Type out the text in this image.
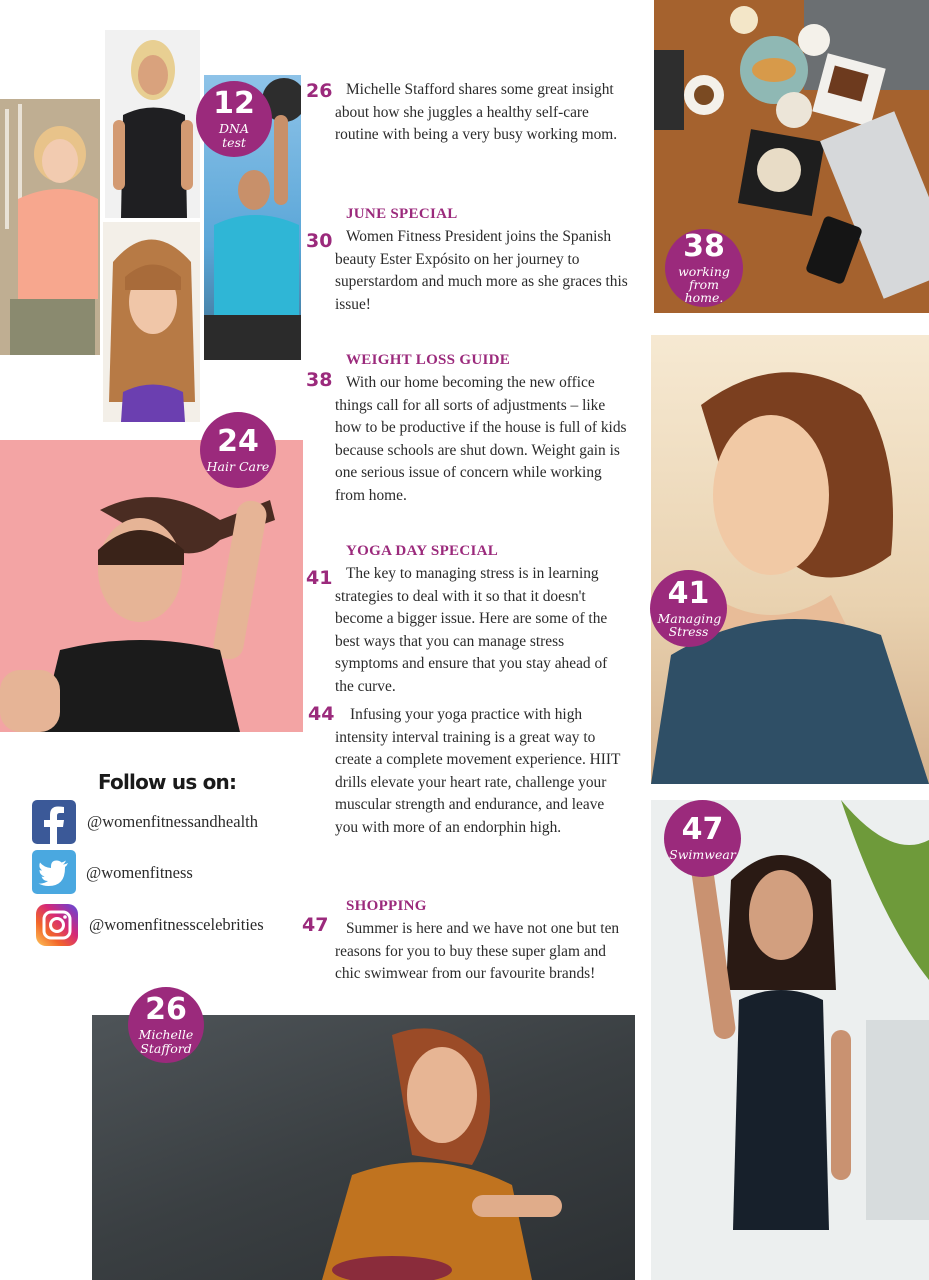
12
DNA test
24
Hair Care
38
working from home.
41
Managing Stress
47
Swimwear
26
Michelle Stafford
26 Michelle Stafford shares some great insight about how she juggles a healthy self-care routine with being a very busy working mom.
JUNE SPECIAL
30 Women Fitness President joins the Spanish beauty Ester Expósito on her journey to superstardom and much more as she graces this issue!
WEIGHT LOSS GUIDE
38 With our home becoming the new office things call for all sorts of adjustments – like how to be productive if the house is full of kids because schools are shut down. Weight gain is one serious issue of concern while working from home.
YOGA DAY SPECIAL
41 The key to managing stress is in learning strategies to deal with it so that it doesn't become a bigger issue. Here are some of the best ways that you can manage stress symptoms and ensure that you stay ahead of the curve.
44	Infusing your yoga practice with high intensity interval training is a great way to create a complete movement experience. HIIT drills elevate your heart rate, challenge your muscular strength and endurance, and leave you with more of an endorphin high.
SHOPPING
47	Summer is here and we have not one but ten reasons for you to buy these super glam and chic swimwear from our favourite brands!
Follow us on:
@womenfitnessandhealth
@womenfitness
@womenfitnesscelebrities
